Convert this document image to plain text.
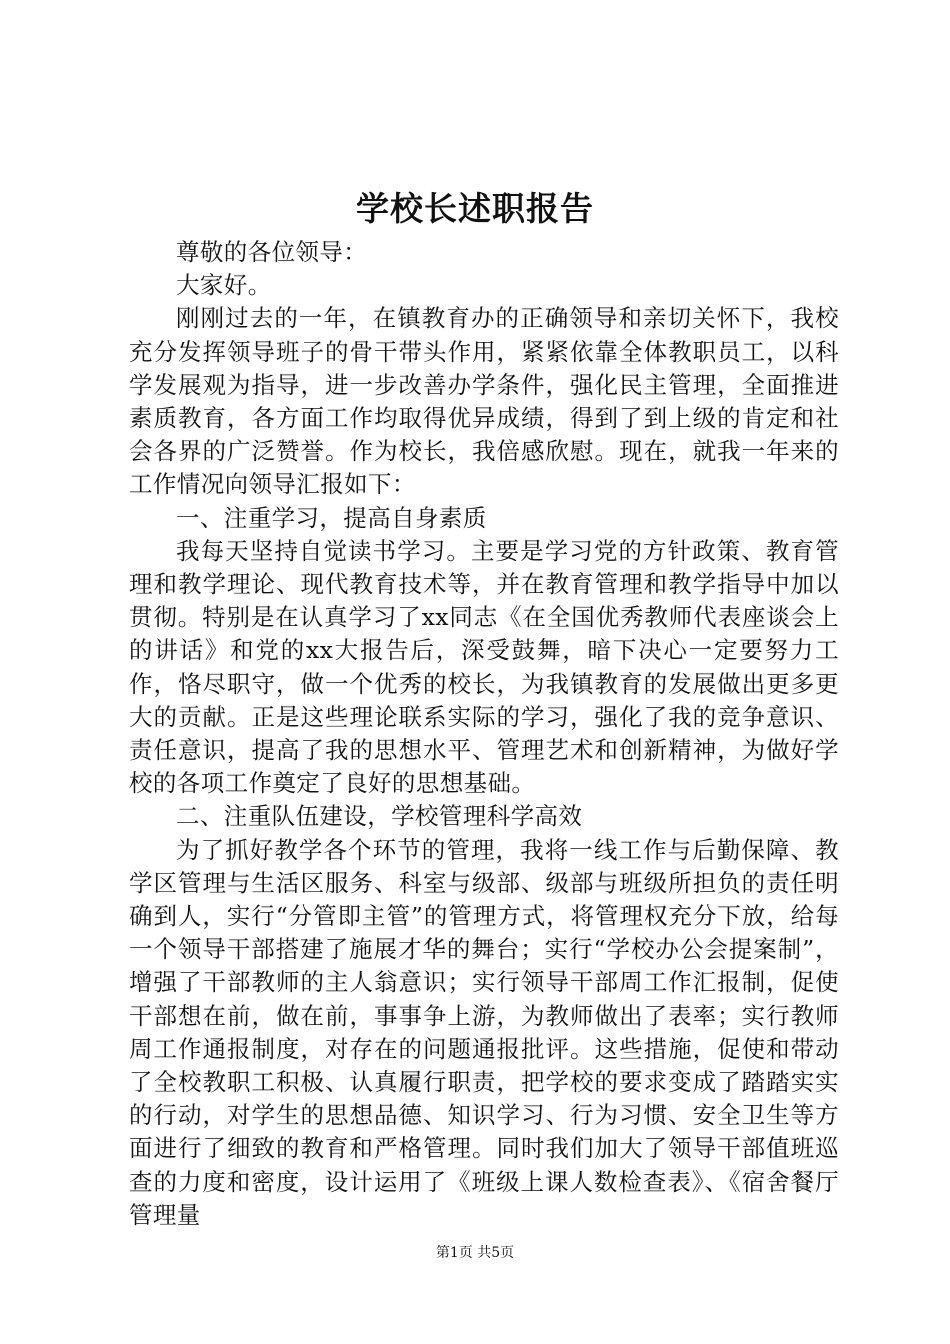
学校长述职报告

尊敬的各位领导：

大家好。

刚刚过去的一年，在镇教育办的正确领导和亲切关怀下，我校充分发挥领导班子的骨干带头作用，紧紧依靠全体教职员工，以科学发展观为指导，进一步改善办学条件，强化民主管理，全面推进素质教育，各方面工作均取得优异成绩，得到了到上级的肯定和社会各界的广泛赞誉。作为校长，我倍感欣慰。现在，就我一年来的工作情况向领导汇报如下：

一、注重学习，提高自身素质

我每天坚持自觉读书学习。主要是学习党的方针政策、教育管理和教学理论、现代教育技术等，并在教育管理和教学指导中加以贯彻。特别是在认真学习了xx同志《在全国优秀教师代表座谈会上的讲话》和党的xx大报告后，深受鼓舞，暗下决心一定要努力工作，恪尽职守，做一个优秀的校长，为我镇教育的发展做出更多更大的贡献。正是这些理论联系实际的学习，强化了我的竞争意识、责任意识，提高了我的思想水平、管理艺术和创新精神，为做好学校的各项工作奠定了良好的思想基础。

二、注重队伍建设，学校管理科学高效

为了抓好教学各个环节的管理，我将一线工作与后勤保障、教学区管理与生活区服务、科室与级部、级部与班级所担负的责任明确到人，实行“分管即主管”的管理方式，将管理权充分下放，给每一个领导干部搭建了施展才华的舞台；实行“学校办公会提案制”，增强了干部教师的主人翁意识；实行领导干部周工作汇报制，促使干部想在前，做在前，事事争上游，为教师做出了表率；实行教师周工作通报制度，对存在的问题通报批评。这些措施，促使和带动了全校教职工积极、认真履行职责，把学校的要求变成了踏踏实实的行动，对学生的思想品德、知识学习、行为习惯、安全卫生等方面进行了细致的教育和严格管理。同时我们加大了领导干部值班巡查的力度和密度，设计运用了《班级上课人数检查表》、《宿舍餐厅管理量

第1页 共5页
